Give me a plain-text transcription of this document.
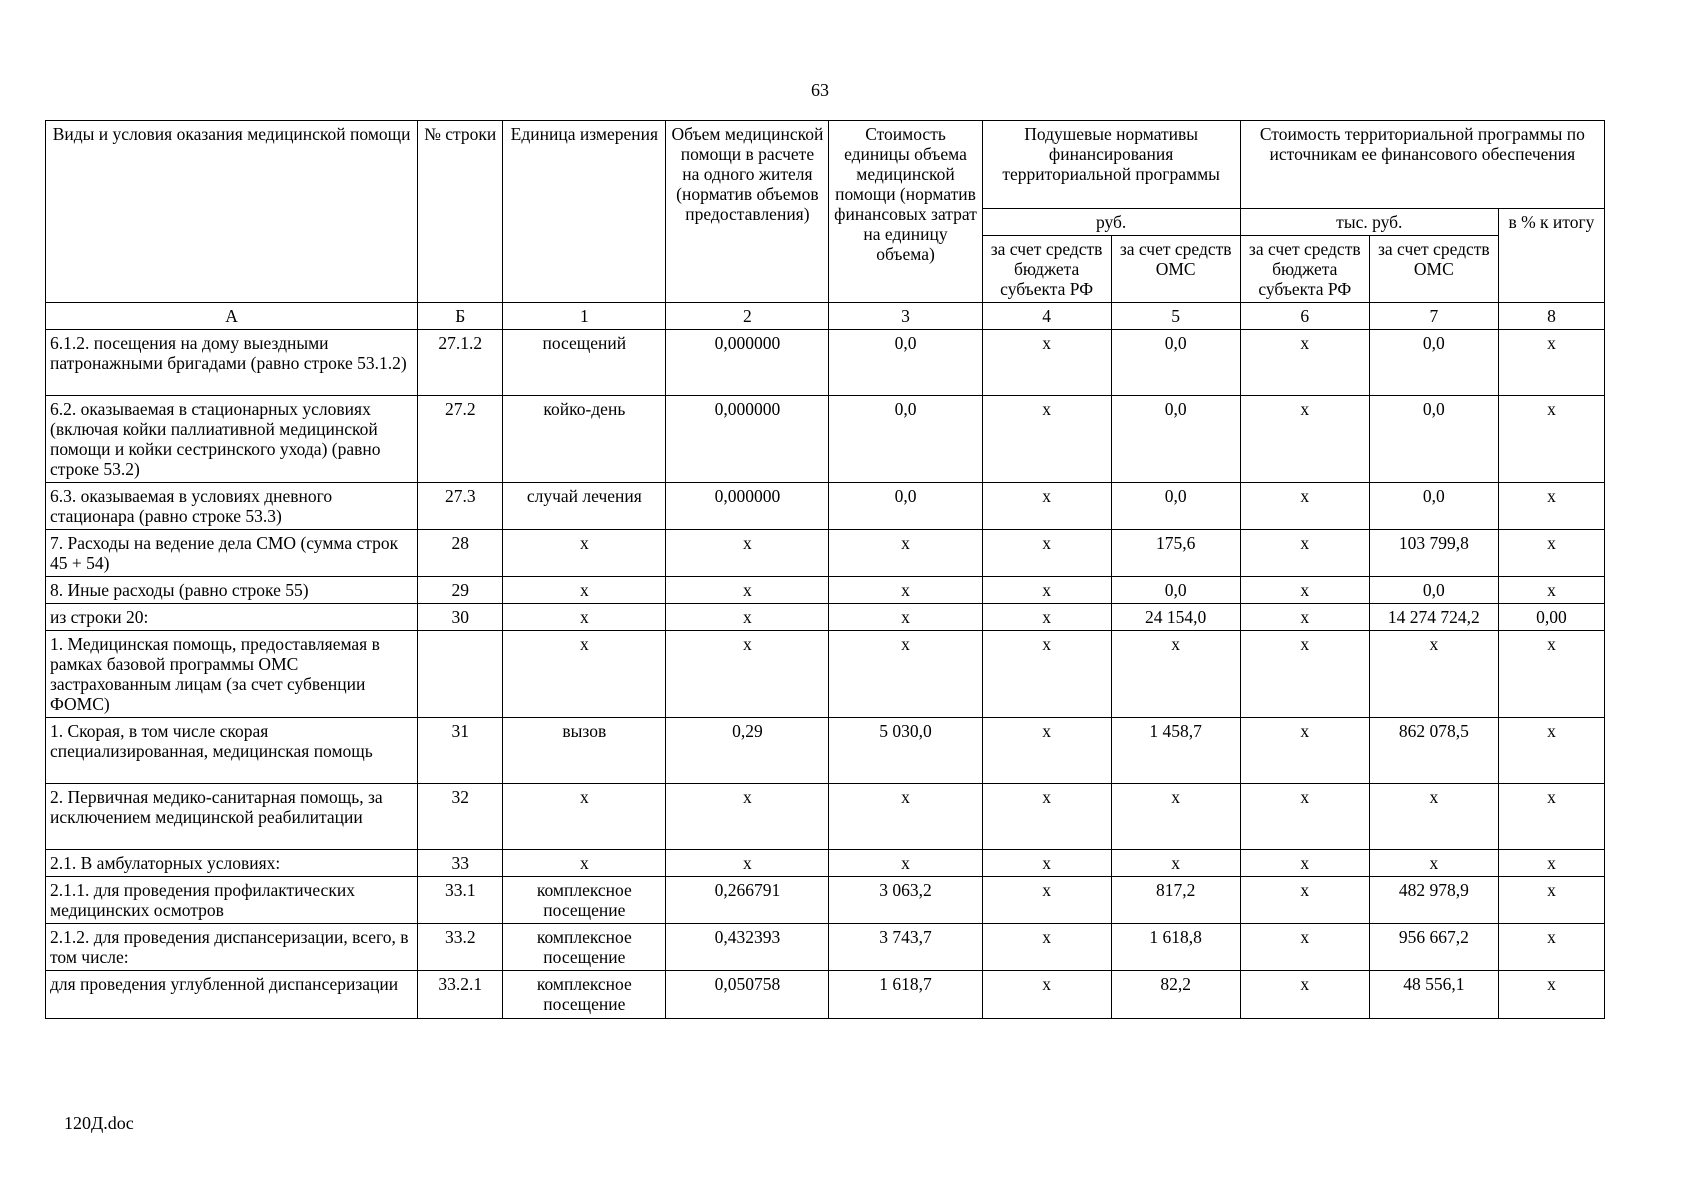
63
Виды и условия оказания медицинской помощи	№ строки	Единица измерения	Объем медицинской помощи в расчете на одного жителя (норматив объемов предоставления)	Стоимость единицы объема медицинской помощи (норматив финансовых затрат на единицу объема)	Подушевые нормативы финансирования территориальной программы		Стоимость территориальной программы по источникам ее финансового обеспечения		
					руб.		тыс. руб.		в % к итогу
					за счет средств бюджета субъекта РФ	за счет средств ОМС	за счет средств бюджета субъекта РФ	за счет средств ОМС	
А	Б	1	2	3	4	5	6	7	8
6.1.2. посещения на дому выездными патронажными бригадами (равно строке 53.1.2)	27.1.2	посещений	0,000000	0,0	х	0,0	х	0,0	х
6.2. оказываемая в стационарных условиях (включая койки паллиативной медицинской помощи и койки сестринского ухода) (равно строке 53.2)	27.2	койко-день	0,000000	0,0	х	0,0	х	0,0	х
6.3. оказываемая в условиях дневного стационара (равно строке 53.3)	27.3	случай лечения	0,000000	0,0	х	0,0	х	0,0	х
7. Расходы на ведение дела СМО (сумма строк 45 + 54)	28	х	х	х	х	175,6	х	103 799,8	х
8. Иные расходы (равно строке 55)	29	х	х	х	х	0,0	х	0,0	х
из строки 20:	30	х	х	х	х	24 154,0	х	14 274 724,2	0,00
1. Медицинская помощь, предоставляемая в рамках базовой программы ОМС застрахованным лицам (за счет субвенции ФОМС)		х	х	х	х	х	х	х	х
1. Скорая, в том числе скорая специализированная, медицинская помощь	31	вызов	0,29	5 030,0	х	1 458,7	х	862 078,5	х
2. Первичная медико-санитарная помощь, за исключением медицинской реабилитации	32	х	х	х	х	х	х	х	х
2.1. В амбулаторных условиях:	33	х	х	х	х	х	х	х	х
2.1.1. для проведения профилактических медицинских осмотров	33.1	комплексное посещение	0,266791	3 063,2	х	817,2	х	482 978,9	х
2.1.2. для проведения диспансеризации, всего, в том числе:	33.2	комплексное посещение	0,432393	3 743,7	х	1 618,8	х	956 667,2	х
для проведения углубленной диспансеризации	33.2.1	комплексное посещение	0,050758	1 618,7	х	82,2	х	48 556,1	х
120Д.doc
